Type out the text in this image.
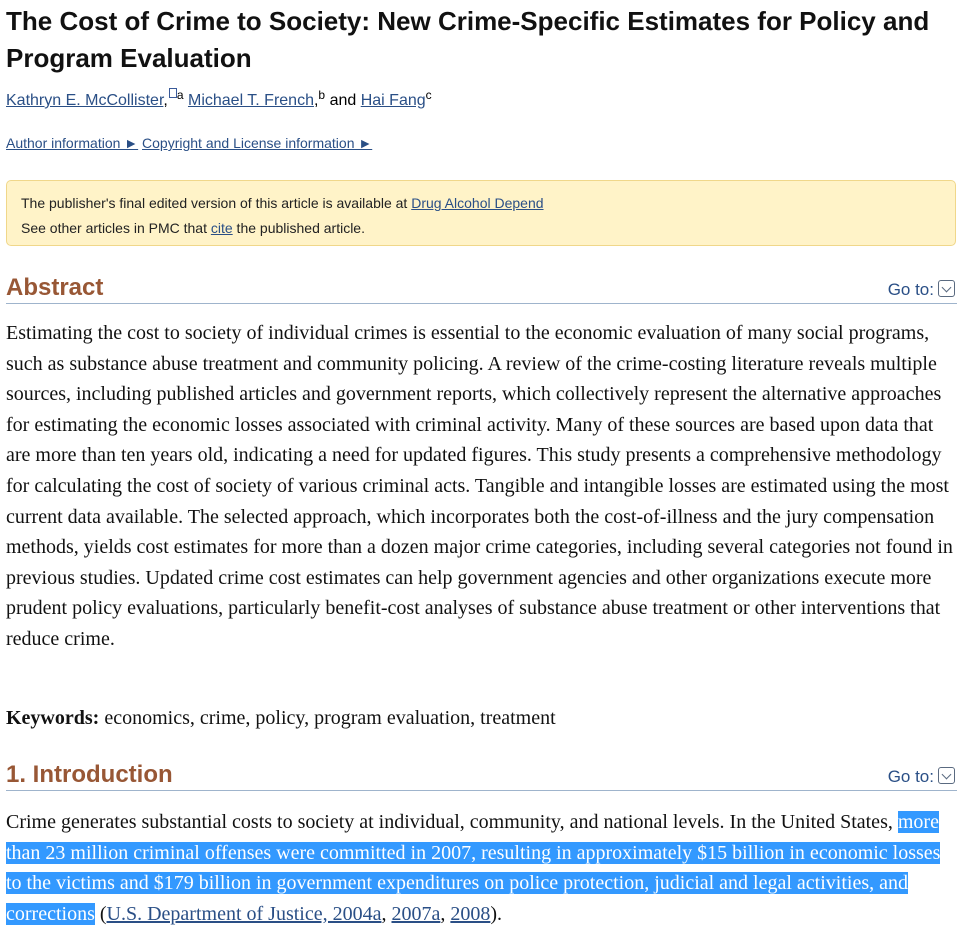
The Cost of Crime to Society: New Crime-Specific Estimates for Policy and Program Evaluation
Kathryn E. McCollister, $^a$ Michael T. French,$^b$ and Hai Fang$^c$
Author information ► Copyright and License information ►
The publisher's final edited version of this article is available at Drug Alcohol Depend
See other articles in PMC that cite the published article.
Abstract	Go to:

Estimating the cost to society of individual crimes is essential to the economic evaluation of many social programs, such as substance abuse treatment and community policing. A review of the crime-costing literature reveals multiple sources, including published articles and government reports, which collectively represent the alternative approaches for estimating the economic losses associated with criminal activity. Many of these sources are based upon data that are more than ten years old, indicating a need for updated figures. This study presents a comprehensive methodology for calculating the cost of society of various criminal acts. Tangible and intangible losses are estimated using the most current data available. The selected approach, which incorporates both the cost-of-illness and the jury compensation methods, yields cost estimates for more than a dozen major crime categories, including several categories not found in previous studies. Updated crime cost estimates can help government agencies and other organizations execute more prudent policy evaluations, particularly benefit-cost analyses of substance abuse treatment or other interventions that reduce crime.

Keywords: economics, crime, policy, program evaluation, treatment

1. Introduction	Go to:

Crime generates substantial costs to society at individual, community, and national levels. In the United States, more than 23 million criminal offenses were committed in 2007, resulting in approximately $15 billion in economic losses to the victims and $179 billion in government expenditures on police protection, judicial and legal activities, and corrections (U.S. Department of Justice, 2004a, 2007a, 2008).
